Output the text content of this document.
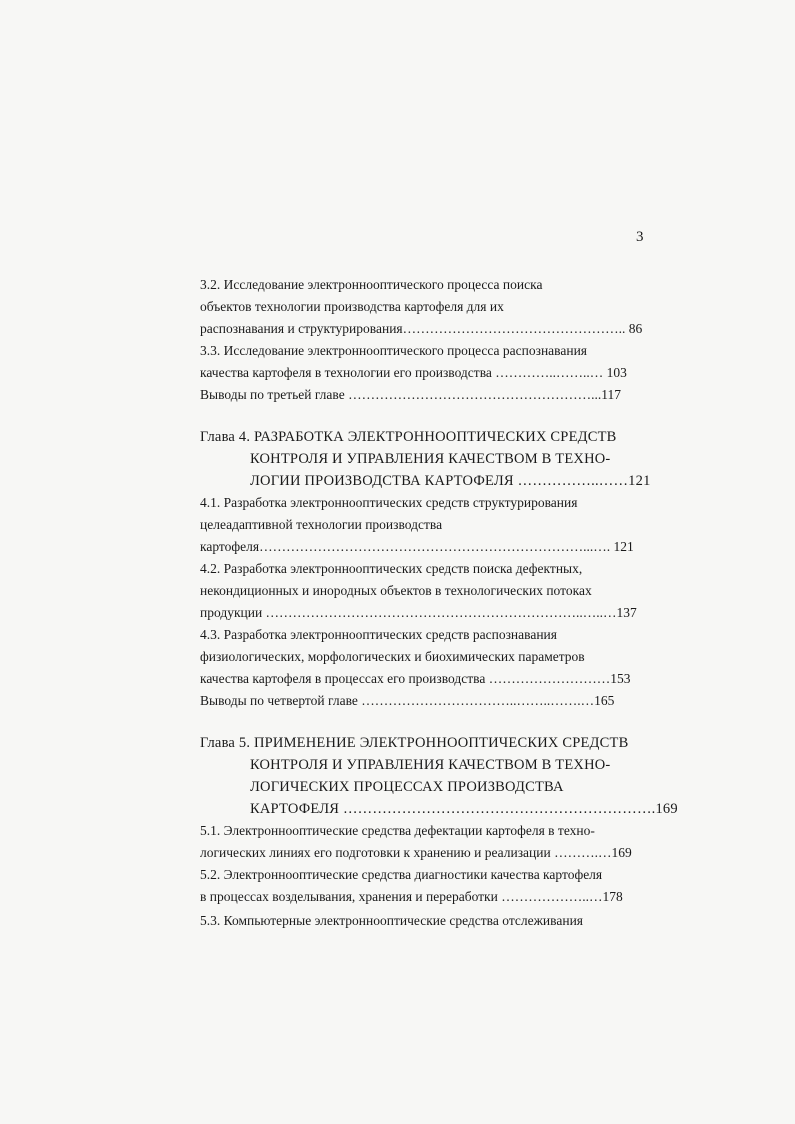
3
3.2. Исследование электроннооптического процесса поиска
объектов технологии производства картофеля для их
распознавания и структурирования………………………………………….. 86
3.3. Исследование электроннооптического процесса распознавания
качества картофеля в технологии его производства …………..……..… 103
Выводы по третьей главе ………………………………………………...117
Глава 4. РАЗРАБОТКА ЭЛЕКТРОННООПТИЧЕСКИХ СРЕДСТВ
КОНТРОЛЯ И УПРАВЛЕНИЯ КАЧЕСТВОМ В ТЕХНО-
ЛОГИИ ПРОИЗВОДСТВА КАРТОФЕЛЯ ……………..……121
4.1. Разработка электроннооптических средств структурирования
целеадаптивной технологии производства
картофеля………………………………………………………………...…. 121
4.2. Разработка электроннооптических средств поиска дефектных,
некондиционных и инородных объектов в технологических потоках
продукции ……………………………………………………………..…..…137
4.3. Разработка электроннооптических средств распознавания
физиологических, морфологических и биохимических параметров
качества картофеля в процессах его производства ………………………153
Выводы по четвертой главе ……………………………..……..…….…165
Глава 5. ПРИМЕНЕНИЕ ЭЛЕКТРОННООПТИЧЕСКИХ СРЕДСТВ
КОНТРОЛЯ И УПРАВЛЕНИЯ КАЧЕСТВОМ В ТЕХНО-
ЛОГИЧЕСКИХ ПРОЦЕССАХ ПРОИЗВОДСТВА
КАРТОФЕЛЯ ……………………………………………………….169
5.1. Электроннооптические средства дефектации картофеля в техно-
логических линиях его подготовки к хранению и реализации ……….…169
5.2. Электроннооптические средства диагностики качества картофеля
в процессах возделывания, хранения и переработки ………………..…178
5.3. Компьютерные электроннооптические средства отслеживания
